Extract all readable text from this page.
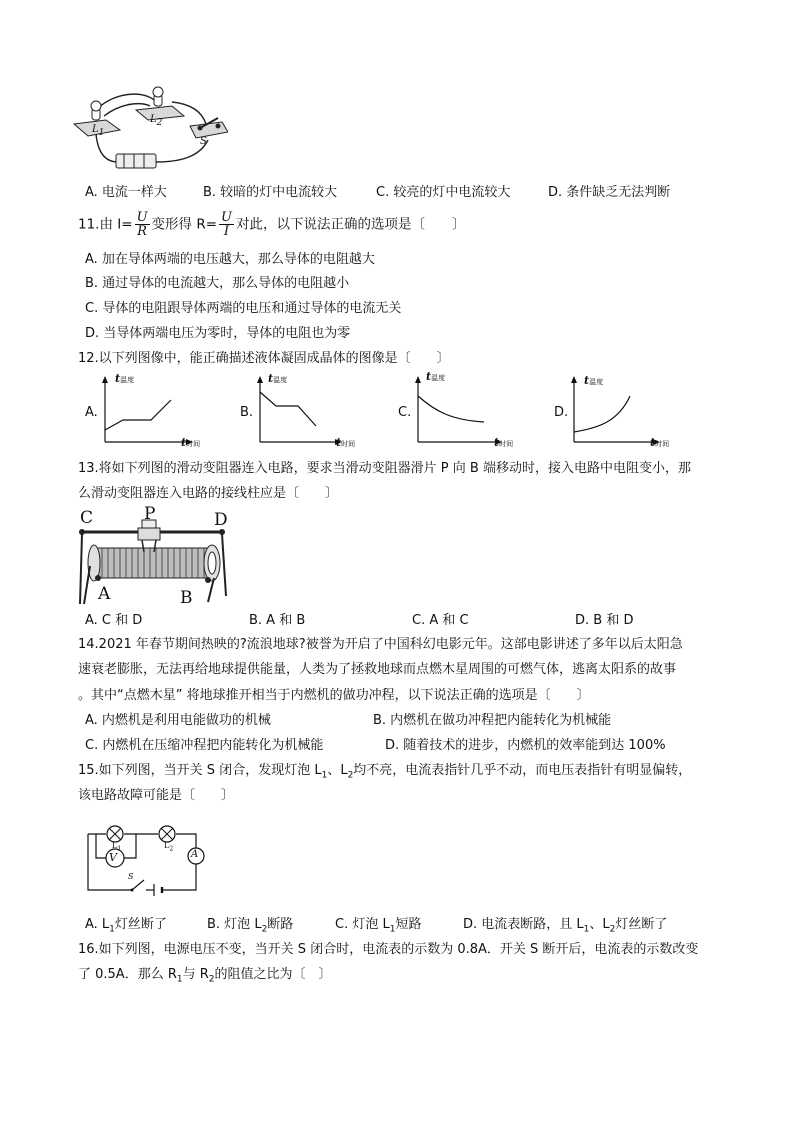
$L_1$
$L_2$
S
A. 电流一样大	B. 较暗的灯中电流较大	C. 较亮的灯中电流较大	D. 条件缺乏无法判断
11.由 $I= \frac{U}{R}$ 变形得 $R= \frac{U}{I}$ 对此，以下说法正确的选项是〔　　〕
A. 加在导体两端的电压越大，那么导体的电阻越大
B. 通过导体的电流越大，那么导体的电阻越小
C. 导体的电阻跟导体两端的电压和通过导体的电流无关
D. 当导体两端电压为零时，导体的电阻也为零
12.以下列图像中，能正确描述液体凝固成晶体的图像是〔　　〕
A.
t温度
t时间
B.
t温度
t时间
C.
t温度
t时间
D.
t温度
t时间
13.将如下列图的滑动变阻器连入电路，要求当滑动变阻器滑片 P 向 B 端移动时，接入电路中电阻变小，那
么滑动变阻器连入电路的接线柱应是〔　　〕
C	P	D
A	B
A. C 和 D	B. A 和 B	C. A 和 C	D. B 和 D
14.2021 年春节期间热映的?流浪地球?被誉为开启了中国科幻电影元年。这部电影讲述了多年以后太阳急
速衰老膨胀，无法再给地球提供能量，人类为了拯救地球而点燃木星周围的可燃气体，逃离太阳系的故事
。其中“点燃木星” 将地球推开相当于内燃机的做功冲程，以下说法正确的选项是〔　　〕
A. 内燃机是利用电能做功的机械	B. 内燃机在做功冲程把内能转化为机械能
C. 内燃机在压缩冲程把内能转化为机械能	D. 随着技术的进步，内燃机的效率能到达 100%
15.如下列图，当开关 S 闭合，发现灯泡 $L_1$、$L_2$均不亮，电流表指针几乎不动，而电压表指针有明显偏转，
该电路故障可能是〔　　〕
V	A
$L_1$	$L_2$
S
A. $L_1$灯丝断了	B. 灯泡 $L_2$断路	C. 灯泡 $L_1$短路	D. 电流表断路，且 $L_1$、$L_2$灯丝断了
16.如下列图，电源电压不变，当开关 S 闭合时，电流表的示数为 0.8A．开关 S 断开后，电流表的示数改变
了 0.5A．那么 $R_1$与 $R_2$的阻值之比为〔　〕
